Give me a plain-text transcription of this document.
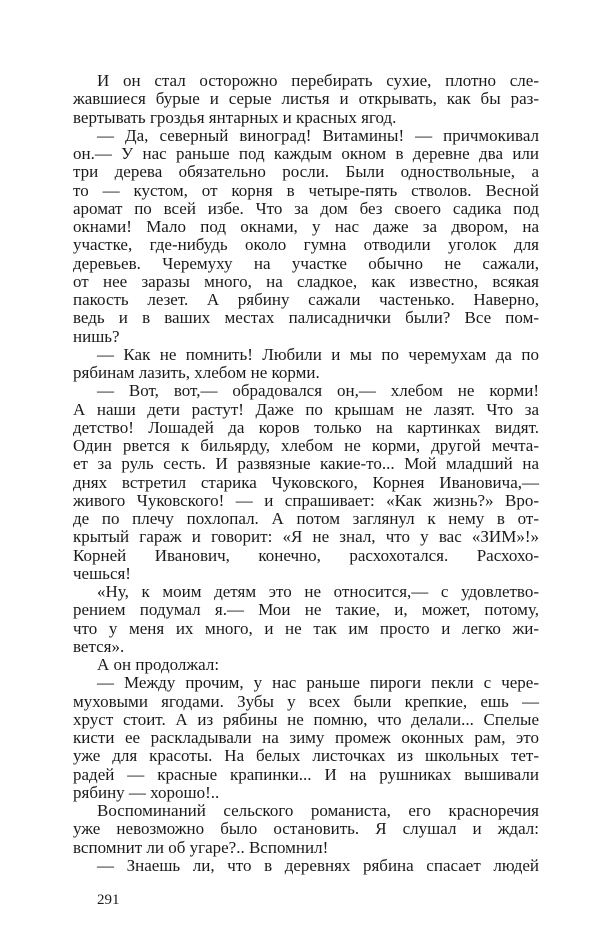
И он стал осторожно перебирать сухие, плотно сле-
жавшиеся бурые и серые листья и открывать, как бы раз-
вертывать гроздья янтарных и красных ягод.
— Да, северный виноград! Витамины! — причмокивал
он.— У нас раньше под каждым окном в деревне два или
три дерева обязательно росли. Были одноствольные, а
то — кустом, от корня в четыре-пять стволов. Весной
аромат по всей избе. Что за дом без своего садика под
окнами! Мало под окнами, у нас даже за двором, на
участке, где-нибудь около гумна отводили уголок для
деревьев. Черемуху на участке обычно не сажали,
от нее заразы много, на сладкое, как известно, всякая
пакость лезет. А рябину сажали частенько. Наверно,
ведь и в ваших местах палисаднички были? Все пом-
нишь?
— Как не помнить! Любили и мы по черемухам да по
рябинам лазить, хлебом не корми.
— Вот, вот,— обрадовался он,— хлебом не корми!
А наши дети растут! Даже по крышам не лазят. Что за
детство! Лошадей да коров только на картинках видят.
Один рвется к бильярду, хлебом не корми, другой мечта-
ет за руль сесть. И развязные какие-то... Мой младший на
днях встретил старика Чуковского, Корнея Ивановича,—
живого Чуковского! — и спрашивает: «Как жизнь?» Вро-
де по плечу похлопал. А потом заглянул к нему в от-
крытый гараж и говорит: «Я не знал, что у вас «ЗИМ»!»
Корней Иванович, конечно, расхохотался. Расхохо-
чешься!
«Ну, к моим детям это не относится,— с удовлетво-
рением подумал я.— Мои не такие, и, может, потому,
что у меня их много, и не так им просто и легко жи-
вется».
А он продолжал:
— Между прочим, у нас раньше пироги пекли с чере-
муховыми ягодами. Зубы у всех были крепкие, ешь —
хруст стоит. А из рябины не помню, что делали... Спелые
кисти ее раскладывали на зиму промеж оконных рам, это
уже для красоты. На белых листочках из школьных тет-
радей — красные крапинки... И на рушниках вышивали
рябину — хорошо!..
Воспоминаний сельского романиста, его красноречия
уже невозможно было остановить. Я слушал и ждал:
вспомнит ли об угаре?.. Вспомнил!
— Знаешь ли, что в деревнях рябина спасает людей
291
